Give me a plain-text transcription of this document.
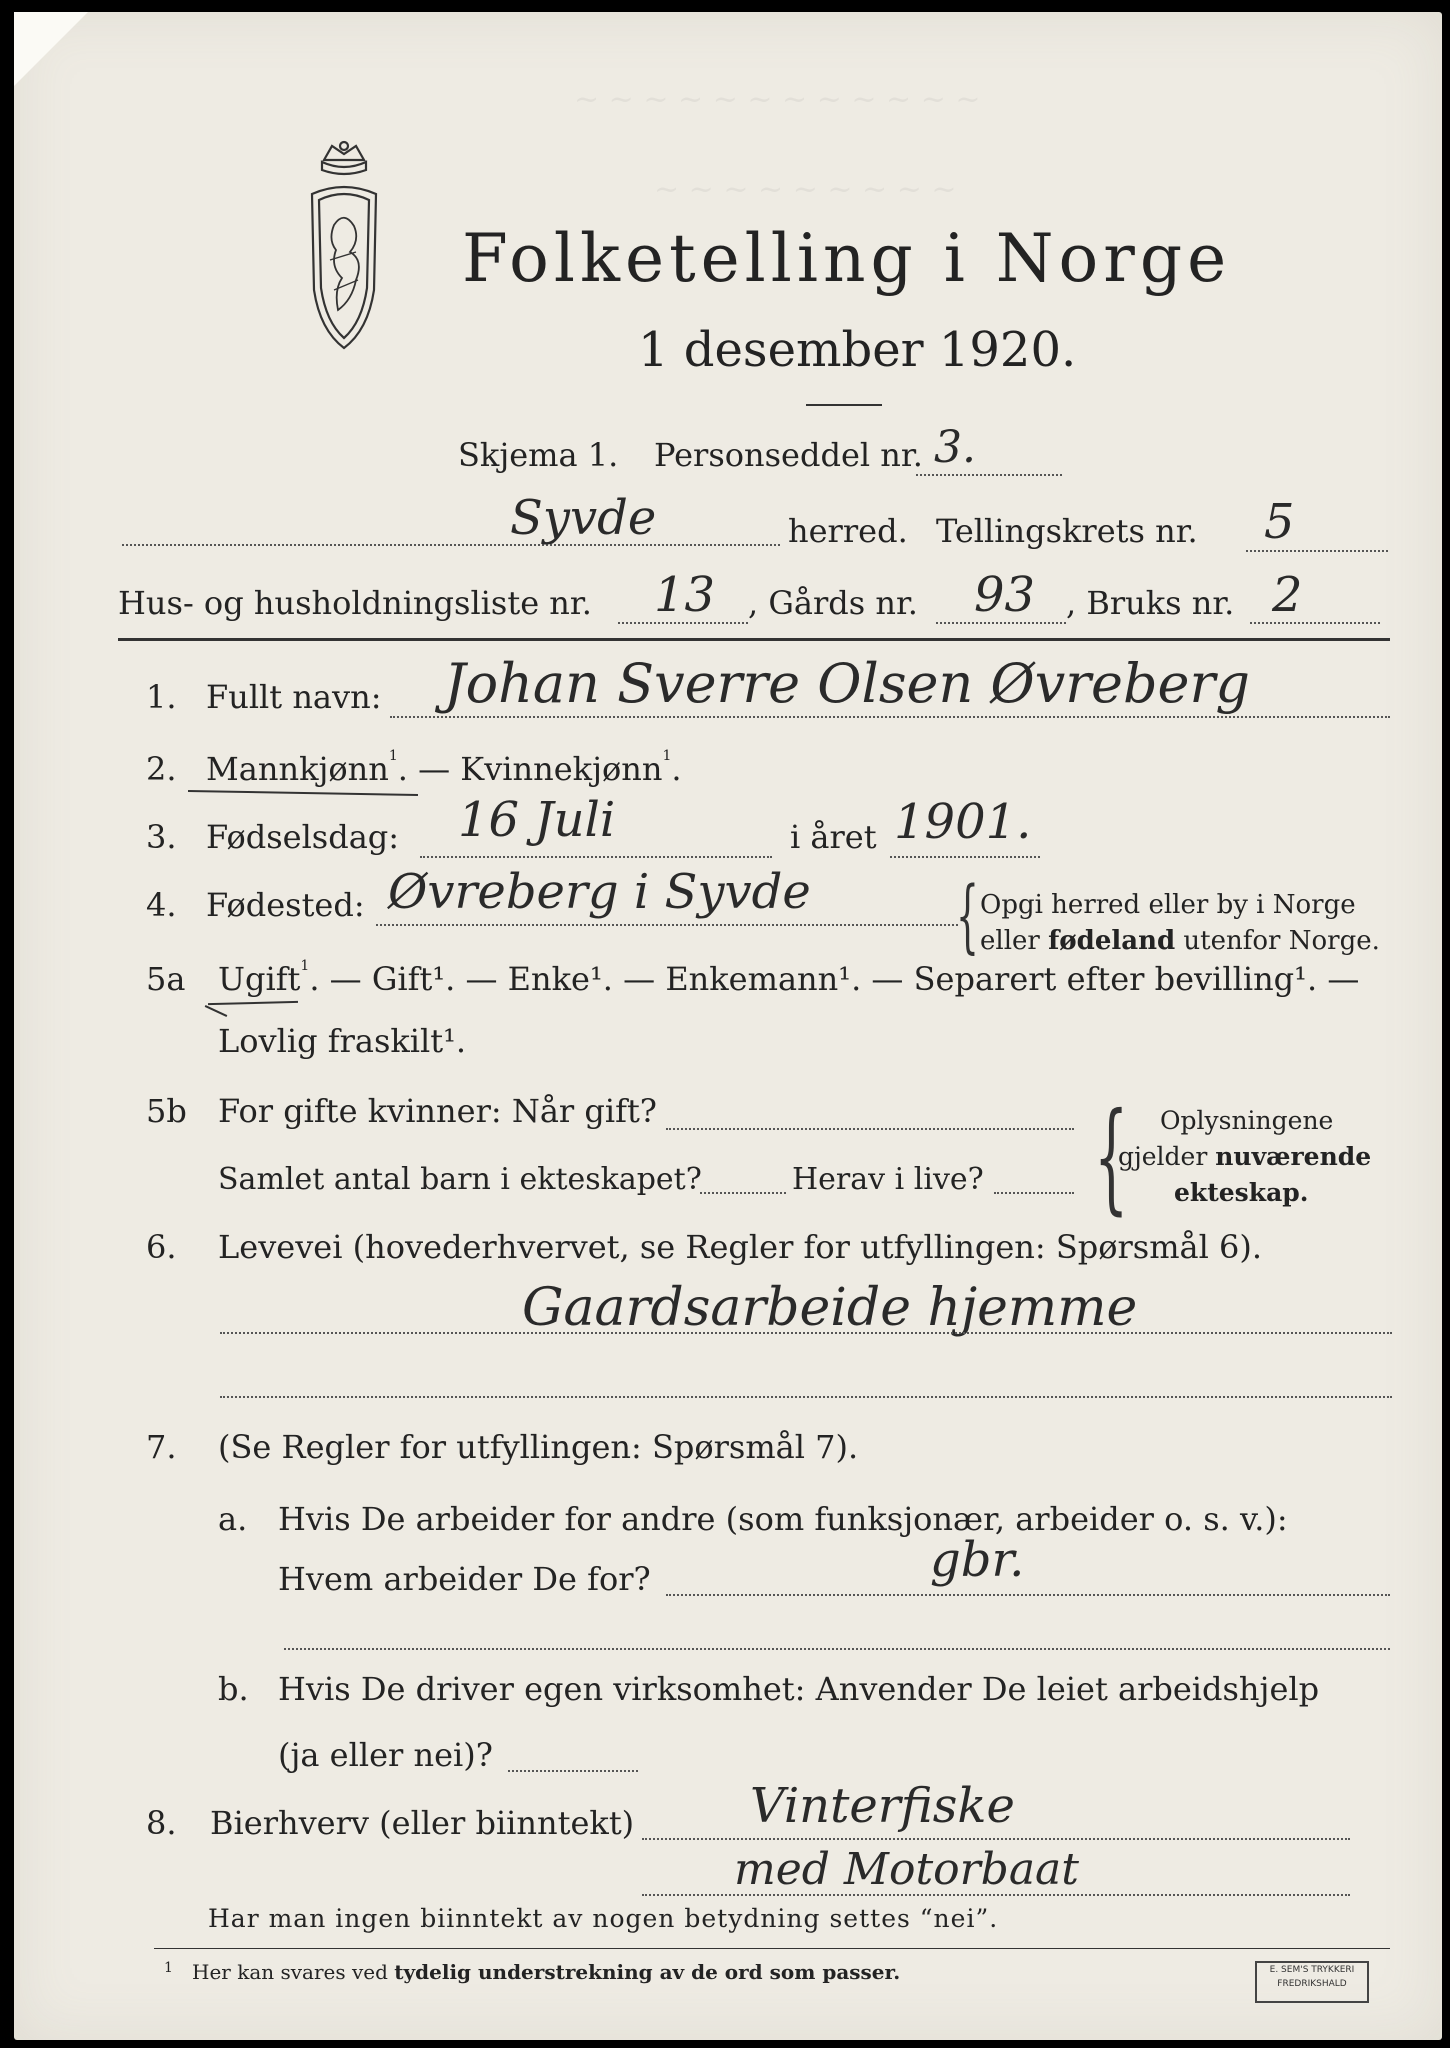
~ ~ ~ ~ ~ ~ ~ ~ ~ ~ ~ ~
~ ~ ~ ~ ~ ~ ~ ~ ~
Folketelling i Norge
1 desember 1920.
Skjema 1. Personseddel nr. 3.
Syvde	herred. Tellingskrets nr. 5
Hus- og husholdningsliste nr. 13 , Gårds nr. 93 , Bruks nr. 2
1. Fullt navn: Johan Sverre Olsen Øvreberg
2. Mannkjønn$^1$. — Kvinnekjønn$^1$.
3. Fødselsdag: 16 Juli	i året 1901.
4. Fødested: Øvreberg i Syvde { Opgi herred eller by i Norge
eller fødeland utenfor Norge.
5a Ugift$^1$. — Gift¹. — Enke¹. — Enkemann¹. — Separert efter bevilling¹. —
Lovlig fraskilt¹.
5b For gifte kvinner: Når gift?
Samlet antal barn i ekteskapet?	Herav i live? { Oplysningene
gjelder nuværende
ekteskap.
6. Levevei (hovederhvervet, se Regler for utfyllingen: Spørsmål 6).
Gaardsarbeide hjemme
7. (Se Regler for utfyllingen: Spørsmål 7).
a. Hvis De arbeider for andre (som funksjonær, arbeider o. s. v.):
Hvem arbeider De for?	gbr.
b. Hvis De driver egen virksomhet: Anvender De leiet arbeidshjelp
(ja eller nei)?
8. Bierhverv (eller biinntekt) Vinterfiske
med Motorbaat
Har man ingen biinntekt av nogen betydning settes “nei”.
$^1$ Her kan svares ved tydelig understrekning av de ord som passer.	E. SEM'S TRYKKERI
FREDRIKSHALD
